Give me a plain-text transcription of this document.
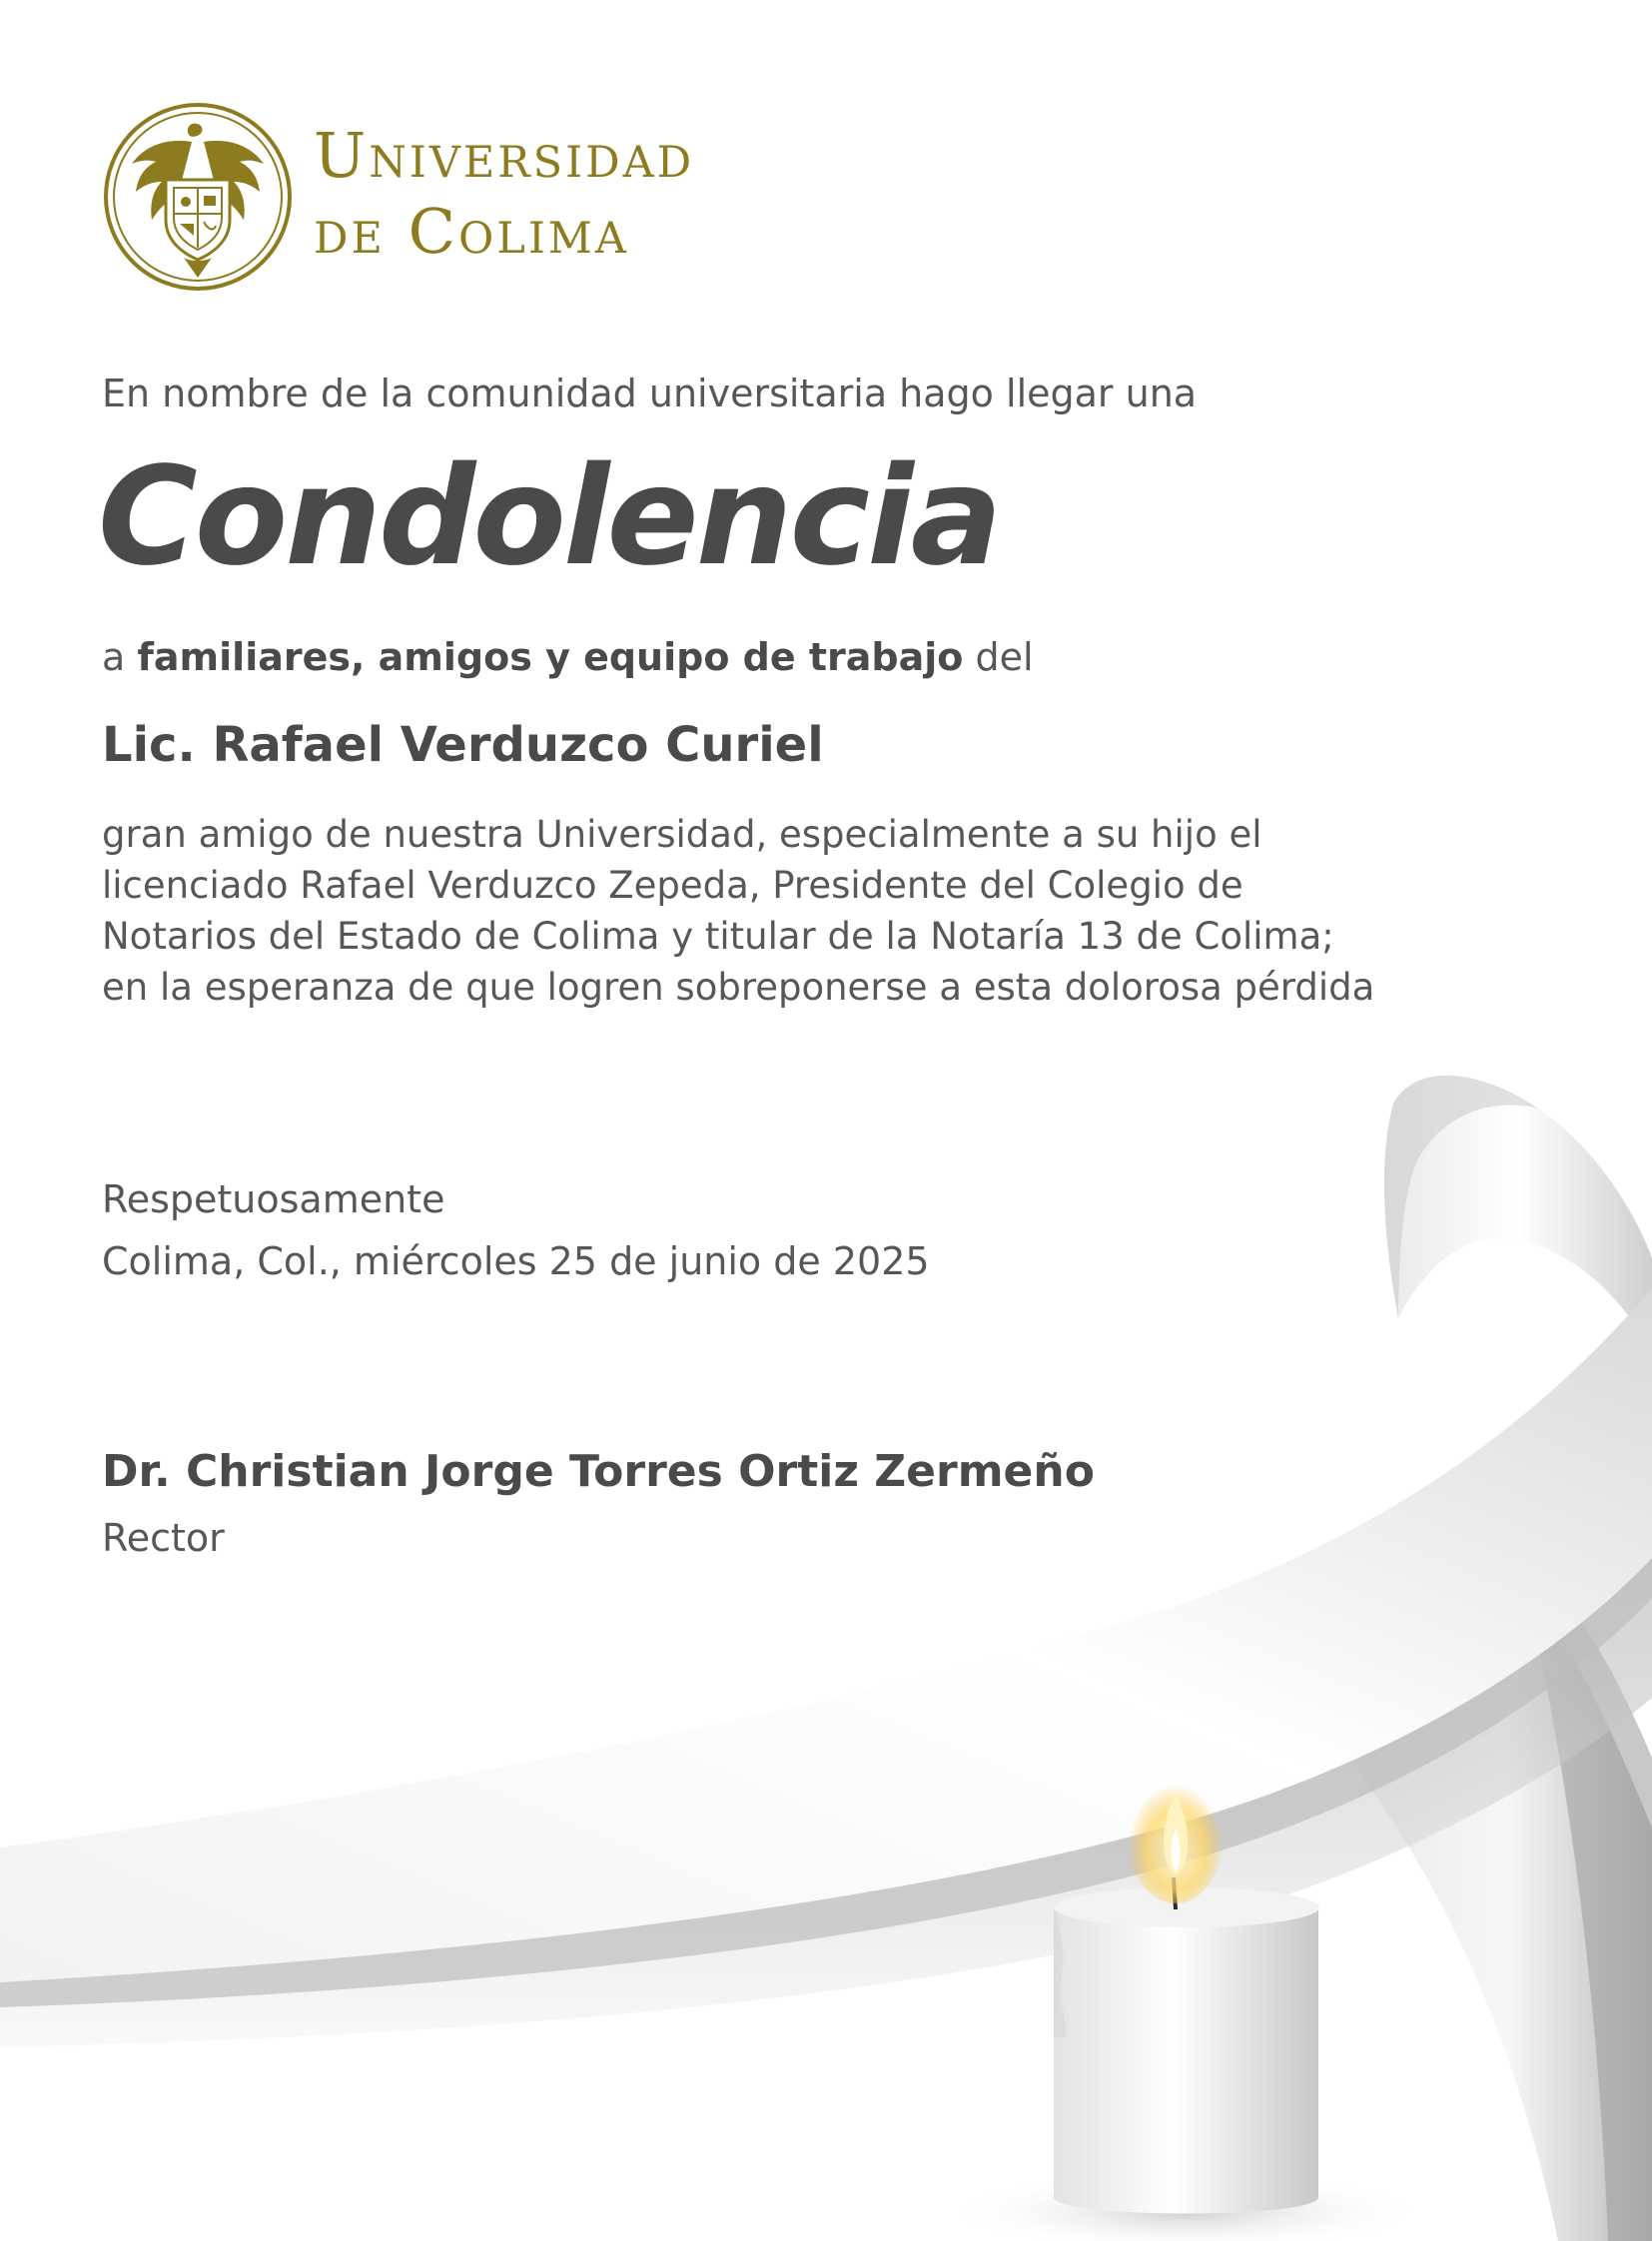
Universidad
de Colima
En nombre de la comunidad universitaria hago llegar una
Condolencia
a familiares, amigos y equipo de trabajo del
Lic. Rafael Verduzco Curiel
gran amigo de nuestra Universidad, especialmente a su hijo el
licenciado Rafael Verduzco Zepeda, Presidente del Colegio de
Notarios del Estado de Colima y titular de la Notaría 13 de Colima;
en la esperanza de que logren sobreponerse a esta dolorosa pérdida
Respetuosamente
Colima, Col., miércoles 25 de junio de 2025
Dr. Christian Jorge Torres Ortiz Zermeño
Rector
